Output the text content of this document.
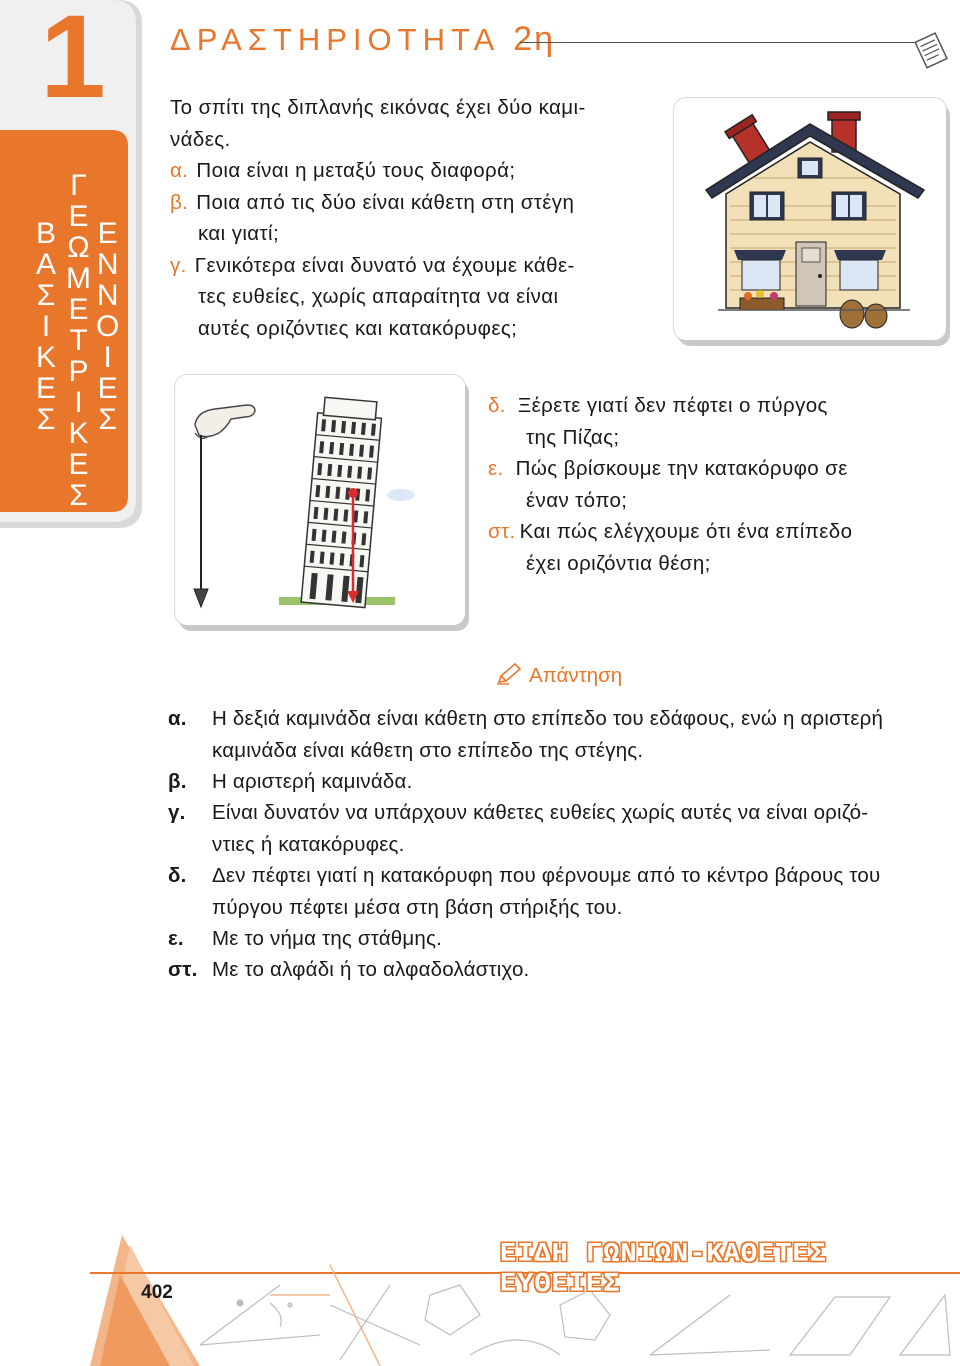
1
Β
Α
Σ
Ι
Κ
Ε
Σ
Γ
Ε
Ω
Μ
Ε
Τ
Ρ
Ι
Κ
Ε
Σ
Ε
Ν
Ν
Ο
Ι
Ε
Σ
ΔΡΑΣΤΗΡΙΟΤΗΤΑ 2η
Το σπίτι της διπλανής εικόνας έχει δύο καμι-
νάδες.
α. Ποια είναι η μεταξύ τους διαφορά;
β. Ποια από τις δύο είναι κάθετη στη στέγη
και γιατί;
γ. Γενικότερα είναι δυνατό να έχουμε κάθε-
τες ευθείες, χωρίς απαραίτητα να είναι
αυτές οριζόντιες και κατακόρυφες;
δ. Ξέρετε γιατί δεν πέφτει ο πύργος
της Πίζας;
ε. Πώς βρίσκουμε την κατακόρυφο σε
έναν τόπο;
στ. Και πώς ελέγχουμε ότι ένα επίπεδο
έχει οριζόντια θέση;
Απάντηση
α. Η δεξιά καμινάδα είναι κάθετη στο επίπεδο του εδάφους, ενώ η αριστερή
καμινάδα είναι κάθετη στο επίπεδο της στέγης.
β. Η αριστερή καμινάδα.
γ. Είναι δυνατόν να υπάρχουν κάθετες ευθείες χωρίς αυτές να είναι οριζό-
ντιες ή κατακόρυφες.
δ. Δεν πέφτει γιατί η κατακόρυφη που φέρνουμε από το κέντρο βάρους του
πύργου πέφτει μέσα στη βάση στήριξής του.
ε. Με το νήμα της στάθμης.
στ. Με το αλφάδι ή το αλφαδολάστιχο.
ΕΙΔΗ ΓΩΝΙΩΝ-ΚΑΘΕΤΕΣ ΕΥΘΕΙΕΣ
402
